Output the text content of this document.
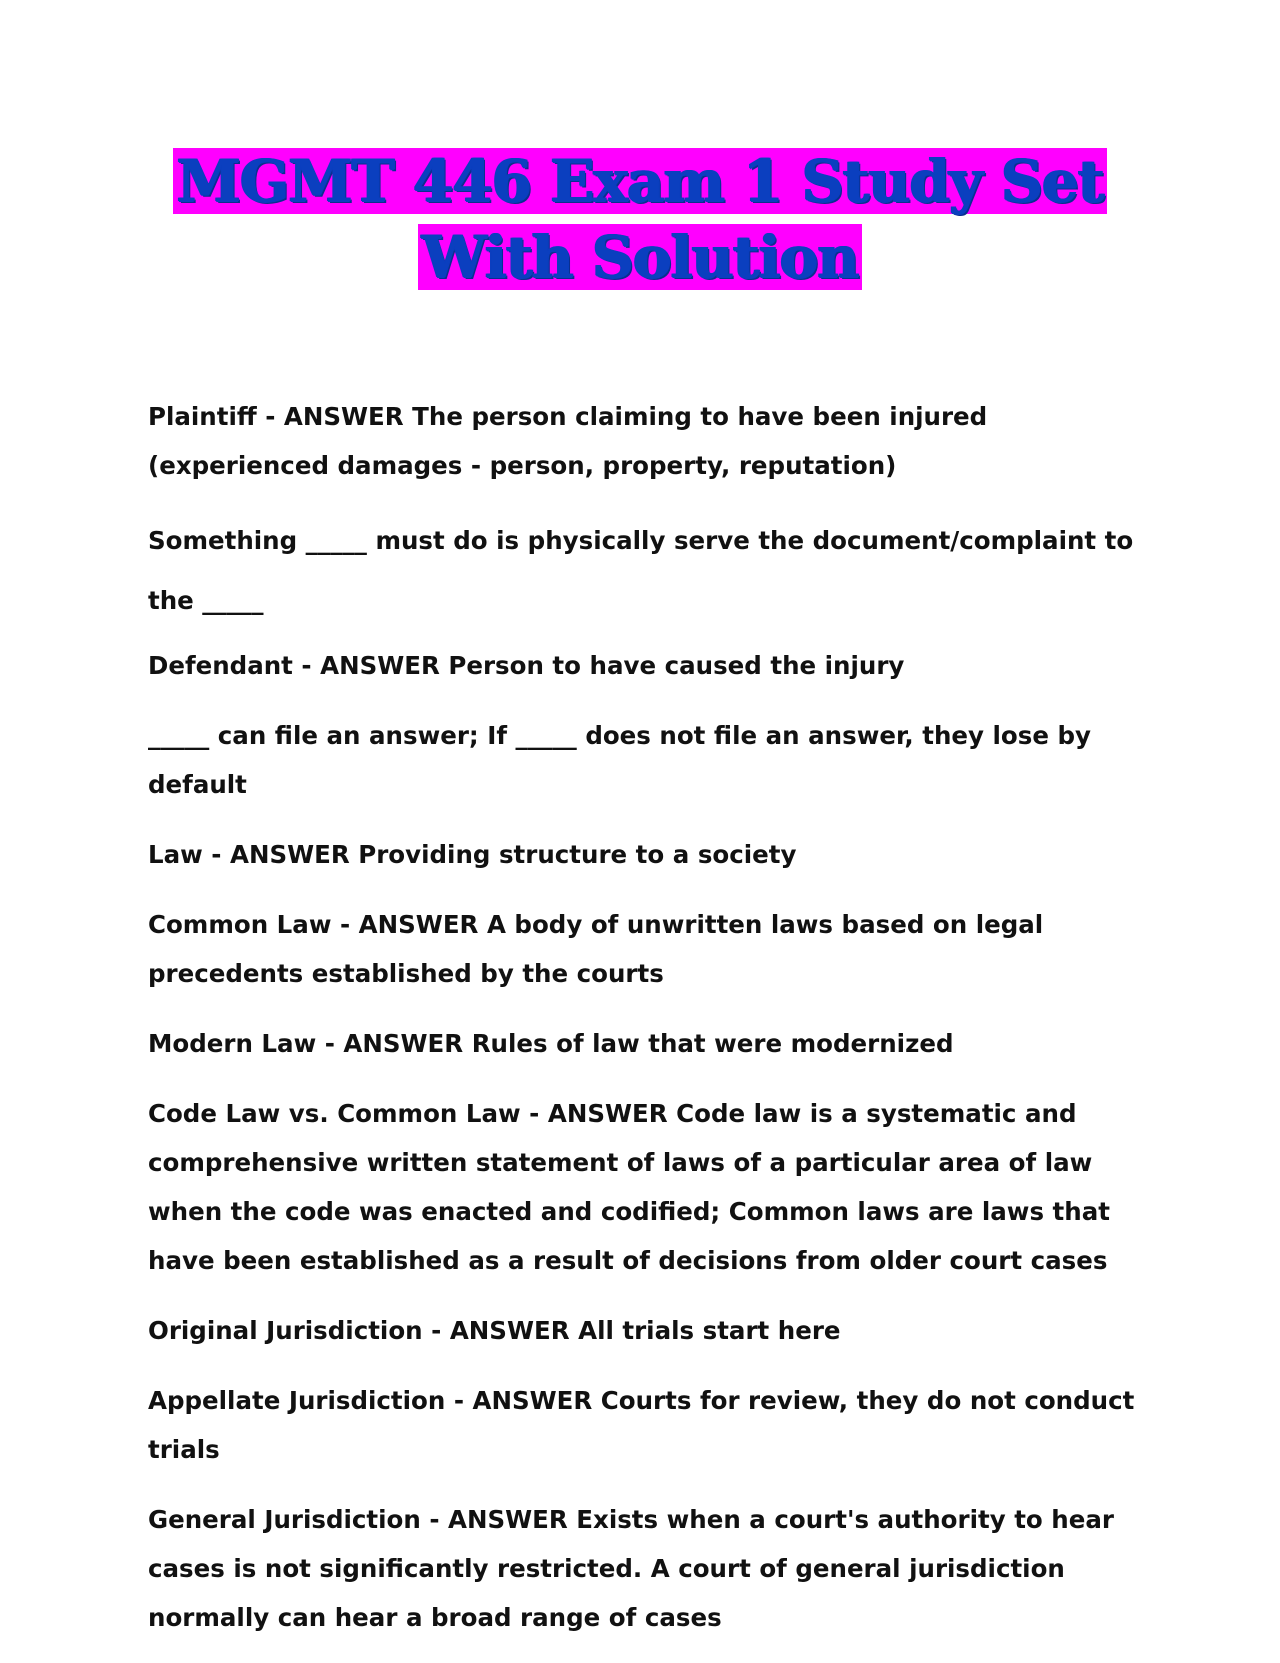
MGMT 446 Exam 1 Study Set
With Solution

Plaintiff - ANSWER The person claiming to have been injured (experienced damages - person, property, reputation)

Something _____ must do is physically serve the document/complaint to the _____

Defendant - ANSWER Person to have caused the injury

_____ can file an answer; If _____ does not file an answer, they lose by default

Law - ANSWER Providing structure to a society

Common Law - ANSWER A body of unwritten laws based on legal precedents established by the courts

Modern Law - ANSWER Rules of law that were modernized

Code Law vs. Common Law - ANSWER Code law is a systematic and comprehensive written statement of laws of a particular area of law when the code was enacted and codified; Common laws are laws that have been established as a result of decisions from older court cases

Original Jurisdiction - ANSWER All trials start here

Appellate Jurisdiction - ANSWER Courts for review, they do not conduct trials

General Jurisdiction - ANSWER Exists when a court's authority to hear cases is not significantly restricted. A court of general jurisdiction normally can hear a broad range of cases
